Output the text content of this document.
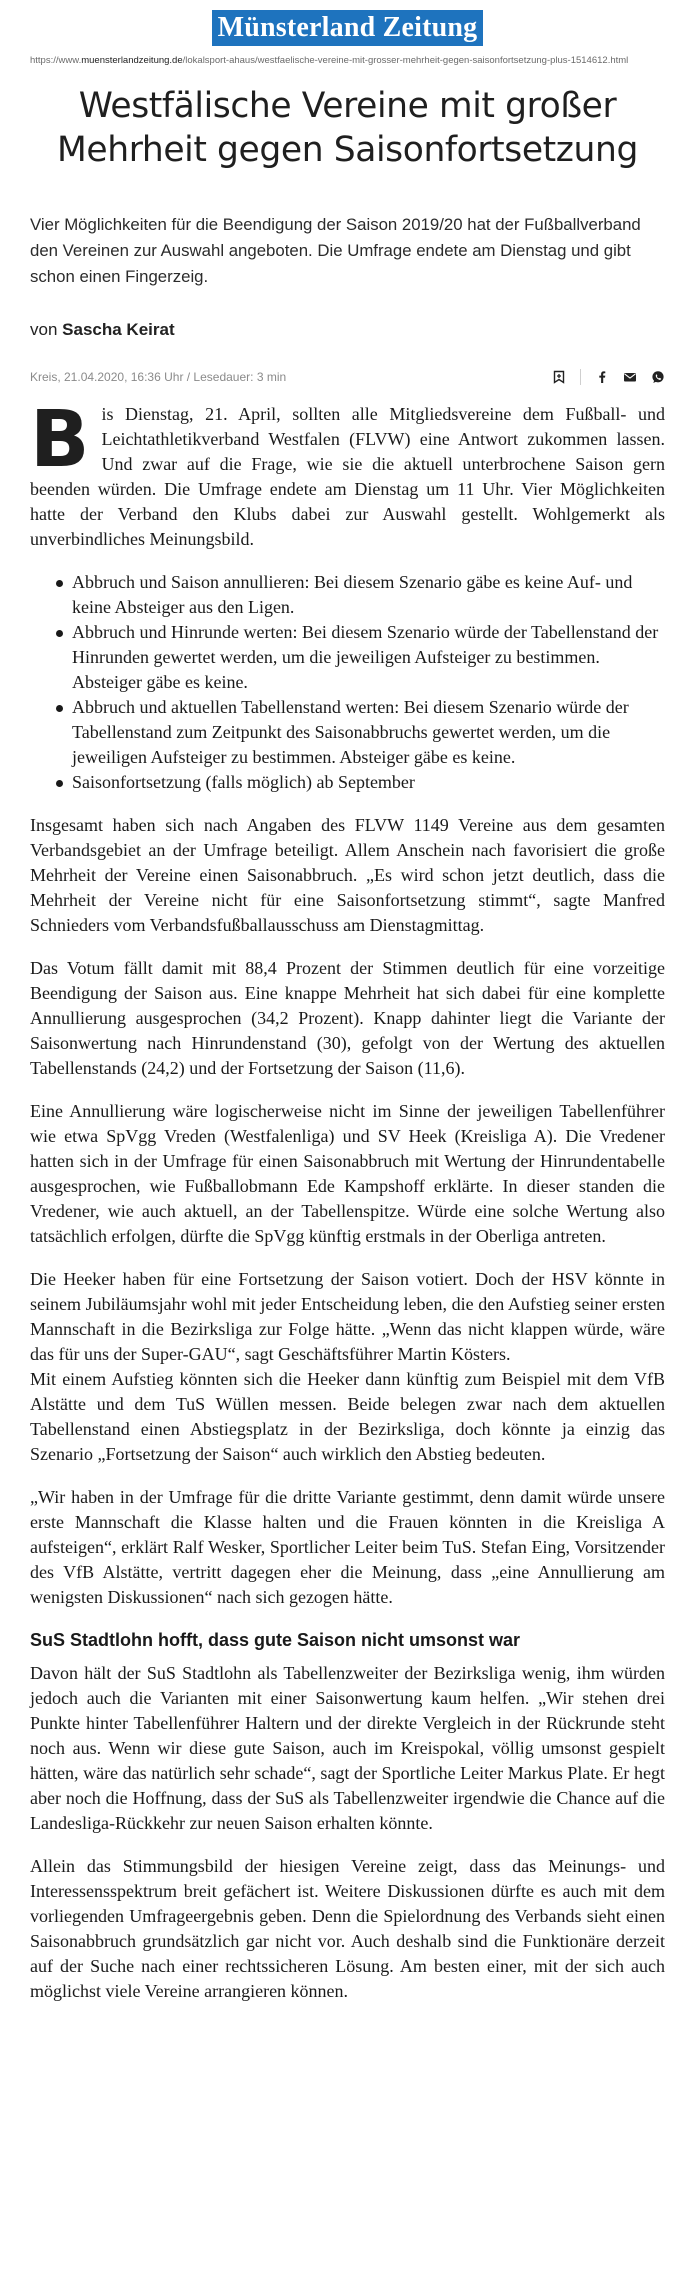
Münsterland Zeitung
https://www.muensterlandzeitung.de/lokalsport-ahaus/westfaelische-vereine-mit-grosser-mehrheit-gegen-saisonfortsetzung-plus-1514612.html
Westfälische Vereine mit großer Mehrheit gegen Saisonfortsetzung

Vier Möglichkeiten für die Beendigung der Saison 2019/20 hat der Fußballverband den Vereinen zur Auswahl angeboten. Die Umfrage endete am Dienstag und gibt schon einen Fingerzeig.

von Sascha Keirat
Kreis, 21.04.2020, 16:36 Uhr / Lesedauer: 3 min

Bis Dienstag, 21. April, sollten alle Mitgliedsvereine dem Fußball- und Leichtathletikverband Westfalen (FLVW) eine Antwort zukommen lassen. Und zwar auf die Frage, wie sie die aktuell unterbrochene Saison gern beenden würden. Die Umfrage endete am Dienstag um 11 Uhr. Vier Möglichkeiten hatte der Verband den Klubs dabei zur Auswahl gestellt. Wohlgemerkt als unverbindliches Meinungsbild.

Abbruch und Saison annullieren: Bei diesem Szenario gäbe es keine Auf- und keine Absteiger aus den Ligen.
Abbruch und Hinrunde werten: Bei diesem Szenario würde der Tabellenstand der Hinrunden gewertet werden, um die jeweiligen Aufsteiger zu bestimmen. Absteiger gäbe es keine.
Abbruch und aktuellen Tabellenstand werten: Bei diesem Szenario würde der Tabellenstand zum Zeitpunkt des Saisonabbruchs gewertet werden, um die jeweiligen Aufsteiger zu bestimmen. Absteiger gäbe es keine.
Saisonfortsetzung (falls möglich) ab September

Insgesamt haben sich nach Angaben des FLVW 1149 Vereine aus dem gesamten Verbandsgebiet an der Umfrage beteiligt. Allem Anschein nach favorisiert die große Mehrheit der Vereine einen Saisonabbruch. „Es wird schon jetzt deutlich, dass die Mehrheit der Vereine nicht für eine Saisonfortsetzung stimmt“, sagte Manfred Schnieders vom Verbandsfußballausschuss am Dienstagmittag.

Das Votum fällt damit mit 88,4 Prozent der Stimmen deutlich für eine vorzeitige Beendigung der Saison aus. Eine knappe Mehrheit hat sich dabei für eine komplette Annullierung ausgesprochen (34,2 Prozent). Knapp dahinter liegt die Variante der Saisonwertung nach Hinrundenstand (30), gefolgt von der Wertung des aktuellen Tabellenstands (24,2) und der Fortsetzung der Saison (11,6).

Eine Annullierung wäre logischerweise nicht im Sinne der jeweiligen Tabellenführer wie etwa SpVgg Vreden (Westfalenliga) und SV Heek (Kreisliga A). Die Vredener hatten sich in der Umfrage für einen Saisonabbruch mit Wertung der Hinrundentabelle ausgesprochen, wie Fußballobmann Ede Kampshoff erklärte. In dieser standen die Vredener, wie auch aktuell, an der Tabellenspitze. Würde eine solche Wertung also tatsächlich erfolgen, dürfte die SpVgg künftig erstmals in der Oberliga antreten.

Die Heeker haben für eine Fortsetzung der Saison votiert. Doch der HSV könnte in seinem Jubiläumsjahr wohl mit jeder Entscheidung leben, die den Aufstieg seiner ersten Mannschaft in die Bezirksliga zur Folge hätte. „Wenn das nicht klappen würde, wäre das für uns der Super-GAU“, sagt Geschäftsführer Martin Kösters.

Mit einem Aufstieg könnten sich die Heeker dann künftig zum Beispiel mit dem VfB Alstätte und dem TuS Wüllen messen. Beide belegen zwar nach dem aktuellen Tabellenstand einen Abstiegsplatz in der Bezirksliga, doch könnte ja einzig das Szenario „Fortsetzung der Saison“ auch wirklich den Abstieg bedeuten.

„Wir haben in der Umfrage für die dritte Variante gestimmt, denn damit würde unsere erste Mannschaft die Klasse halten und die Frauen könnten in die Kreisliga A aufsteigen“, erklärt Ralf Wesker, Sportlicher Leiter beim TuS. Stefan Eing, Vorsitzender des VfB Alstätte, vertritt dagegen eher die Meinung, dass „eine Annullierung am wenigsten Diskussionen“ nach sich gezogen hätte.

SuS Stadtlohn hofft, dass gute Saison nicht umsonst war

Davon hält der SuS Stadtlohn als Tabellenzweiter der Bezirksliga wenig, ihm würden jedoch auch die Varianten mit einer Saisonwertung kaum helfen. „Wir stehen drei Punkte hinter Tabellenführer Haltern und der direkte Vergleich in der Rückrunde steht noch aus. Wenn wir diese gute Saison, auch im Kreispokal, völlig umsonst gespielt hätten, wäre das natürlich sehr schade“, sagt der Sportliche Leiter Markus Plate. Er hegt aber noch die Hoffnung, dass der SuS als Tabellenzweiter irgendwie die Chance auf die Landesliga-Rückkehr zur neuen Saison erhalten könnte.

Allein das Stimmungsbild der hiesigen Vereine zeigt, dass das Meinungs- und Interessensspektrum breit gefächert ist. Weitere Diskussionen dürfte es auch mit dem vorliegenden Umfrageergebnis geben. Denn die Spielordnung des Verbands sieht einen Saisonabbruch grundsätzlich gar nicht vor. Auch deshalb sind die Funktionäre derzeit auf der Suche nach einer rechtssicheren Lösung. Am besten einer, mit der sich auch möglichst viele Vereine arrangieren können.
